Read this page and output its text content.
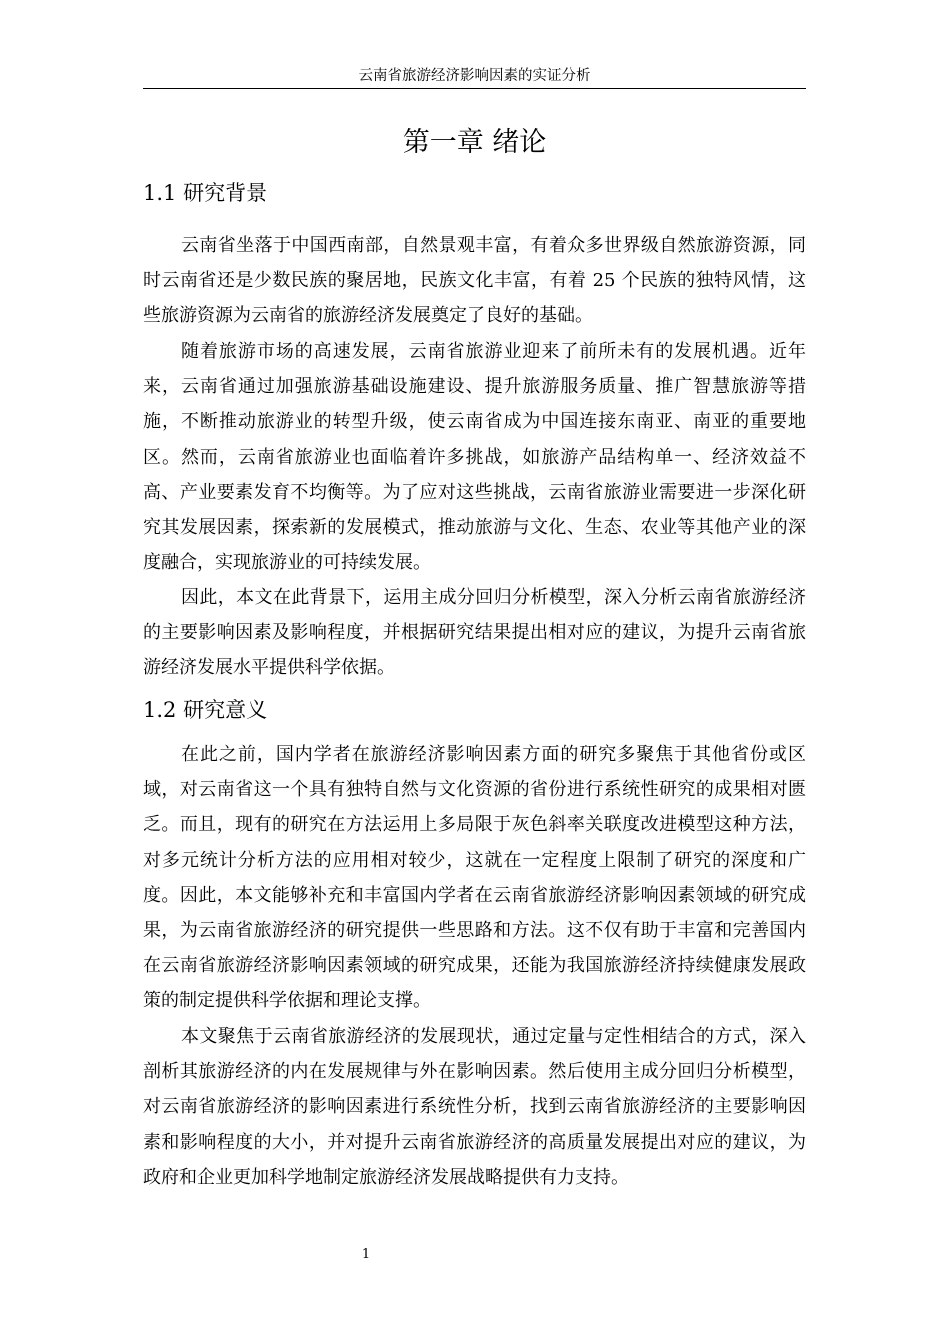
云南省旅游经济影响因素的实证分析
第一章 绪论
1.1 研究背景

云南省坐落于中国西南部，自然景观丰富，有着众多世界级自然旅游资源，同时云南省还是少数民族的聚居地，民族文化丰富，有着 25 个民族的独特风情，这些旅游资源为云南省的旅游经济发展奠定了良好的基础。

随着旅游市场的高速发展，云南省旅游业迎来了前所未有的发展机遇。近年来，云南省通过加强旅游基础设施建设、提升旅游服务质量、推广智慧旅游等措施，不断推动旅游业的转型升级，使云南省成为中国连接东南亚、南亚的重要地区。然而，云南省旅游业也面临着许多挑战，如旅游产品结构单一、经济效益不高、产业要素发育不均衡等。为了应对这些挑战，云南省旅游业需要进一步深化研究其发展因素，探索新的发展模式，推动旅游与文化、生态、农业等其他产业的深度融合，实现旅游业的可持续发展。

因此，本文在此背景下，运用主成分回归分析模型，深入分析云南省旅游经济的主要影响因素及影响程度，并根据研究结果提出相对应的建议，为提升云南省旅游经济发展水平提供科学依据。

1.2 研究意义

在此之前，国内学者在旅游经济影响因素方面的研究多聚焦于其他省份或区域，对云南省这一个具有独特自然与文化资源的省份进行系统性研究的成果相对匮乏。而且，现有的研究在方法运用上多局限于灰色斜率关联度改进模型这种方法，对多元统计分析方法的应用相对较少，这就在一定程度上限制了研究的深度和广度。因此，本文能够补充和丰富国内学者在云南省旅游经济影响因素领域的研究成果，为云南省旅游经济的研究提供一些思路和方法。这不仅有助于丰富和完善国内在云南省旅游经济影响因素领域的研究成果，还能为我国旅游经济持续健康发展政策的制定提供科学依据和理论支撑。

本文聚焦于云南省旅游经济的发展现状，通过定量与定性相结合的方式，深入剖析其旅游经济的内在发展规律与外在影响因素。然后使用主成分回归分析模型，对云南省旅游经济的影响因素进行系统性分析，找到云南省旅游经济的主要影响因素和影响程度的大小，并对提升云南省旅游经济的高质量发展提出对应的建议，为政府和企业更加科学地制定旅游经济发展战略提供有力支持。

1
